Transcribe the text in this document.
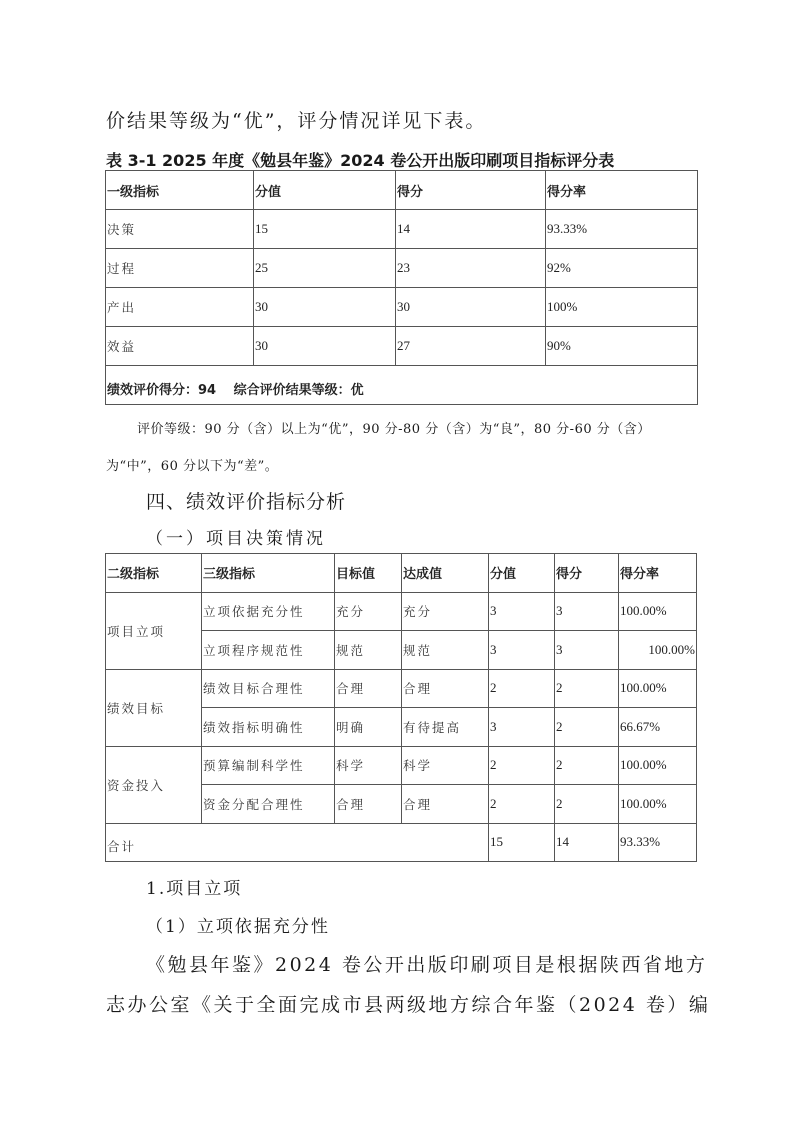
价结果等级为“优”，评分情况详见下表。
表 3-1 2025 年度《勉县年鉴》2024 卷公开出版印刷项目指标评分表
一级指标	分值	得分	得分率
决策	15	14	93.33%
过程	25	23	92%
产出	30	30	100%
效益	30	27	90%
绩效评价得分：94　 综合评价结果等级：优			
评价等级：90 分（含）以上为“优”，90 分-80 分（含）为“良”，80 分-60 分（含）
为“中”，60 分以下为“差”。
四、绩效评价指标分析
（一）项目决策情况
二级指标	三级指标	目标值	达成值	分值	得分	得分率
项目立项	立项依据充分性	充分	充分	3	3	100.00%
	立项程序规范性	规范	规范	3	3	100.00%
绩效目标	绩效目标合理性	合理	合理	2	2	100.00%
	绩效指标明确性	明确	有待提高	3	2	66.67%
资金投入	预算编制科学性	科学	科学	2	2	100.00%
	资金分配合理性	合理	合理	2	2	100.00%
合计				15	14	93.33%
1.项目立项
（1）立项依据充分性
《勉县年鉴》2024 卷公开出版印刷项目是根据陕西省地方
志办公室《关于全面完成市县两级地方综合年鉴（2024 卷）编
